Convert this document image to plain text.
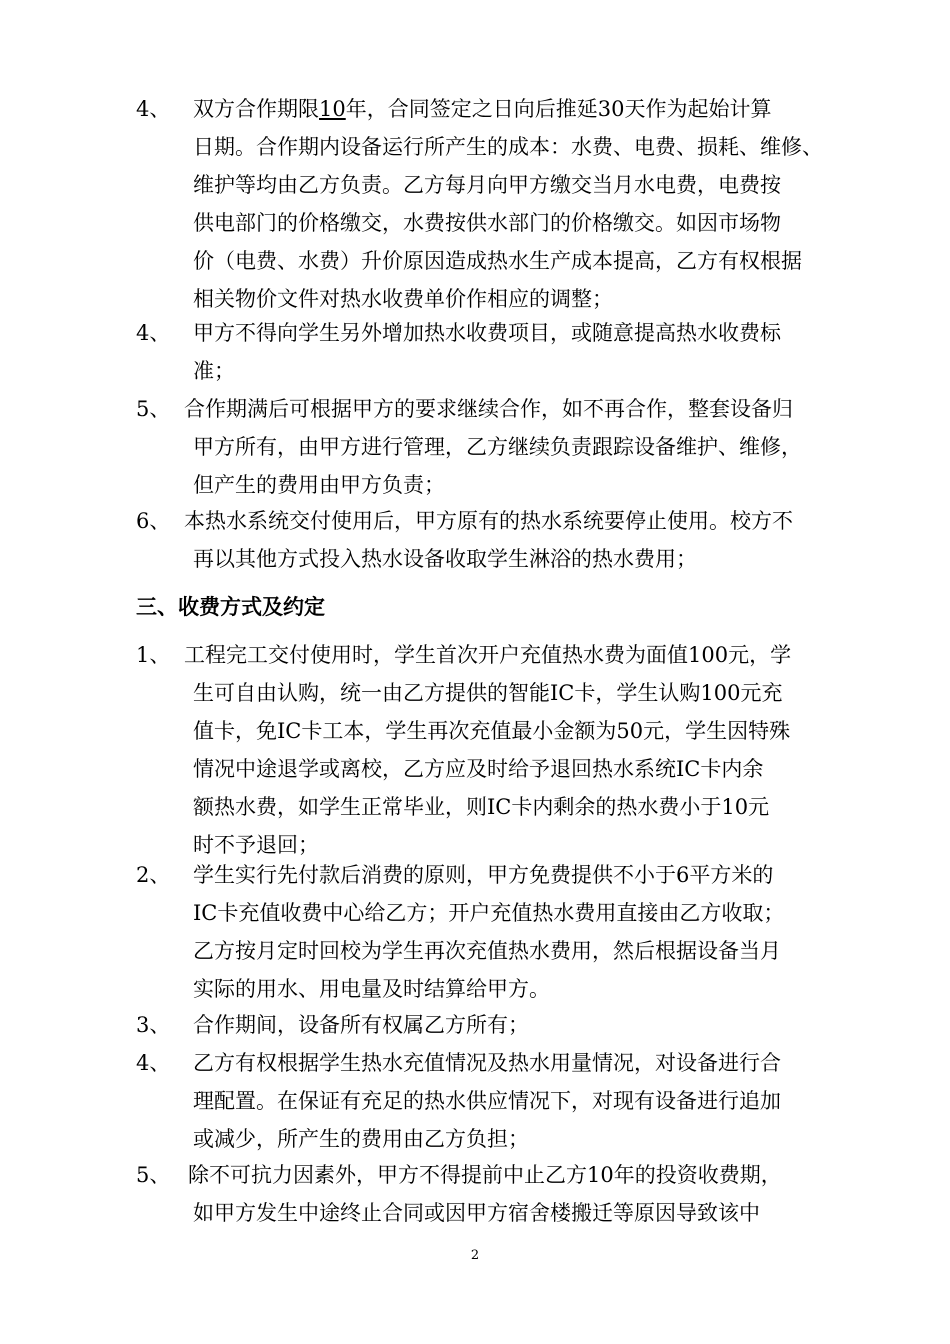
4、 双方合作期限10年，合同签定之日向后推延30天作为起始计算
日期。合作期内设备运行所产生的成本：水费、电费、损耗、维修、
维护等均由乙方负责。乙方每月向甲方缴交当月水电费，电费按
供电部门的价格缴交，水费按供水部门的价格缴交。如因市场物
价（电费、水费）升价原因造成热水生产成本提高，乙方有权根据
相关物价文件对热水收费单价作相应的调整；
4、 甲方不得向学生另外增加热水收费项目，或随意提高热水收费标
准；
5、 合作期满后可根据甲方的要求继续合作，如不再合作，整套设备归
甲方所有，由甲方进行管理，乙方继续负责跟踪设备维护、维修，
但产生的费用由甲方负责；
6、 本热水系统交付使用后，甲方原有的热水系统要停止使用。校方不
再以其他方式投入热水设备收取学生淋浴的热水费用；
三、收费方式及约定
1、 工程完工交付使用时，学生首次开户充值热水费为面值100元，学
生可自由认购，统一由乙方提供的智能IC卡，学生认购100元充
值卡，免IC卡工本，学生再次充值最小金额为50元，学生因特殊
情况中途退学或离校，乙方应及时给予退回热水系统IC卡内余
额热水费，如学生正常毕业，则IC卡内剩余的热水费小于10元
时不予退回；
2、 学生实行先付款后消费的原则，甲方免费提供不小于6平方米的
IC卡充值收费中心给乙方；开户充值热水费用直接由乙方收取；
乙方按月定时回校为学生再次充值热水费用，然后根据设备当月
实际的用水、用电量及时结算给甲方。
3、 合作期间，设备所有权属乙方所有；
4、 乙方有权根据学生热水充值情况及热水用量情况，对设备进行合
理配置。在保证有充足的热水供应情况下，对现有设备进行追加
或减少，所产生的费用由乙方负担；
5、 除不可抗力因素外，甲方不得提前中止乙方10年的投资收费期，
如甲方发生中途终止合同或因甲方宿舍楼搬迁等原因导致该中
2
